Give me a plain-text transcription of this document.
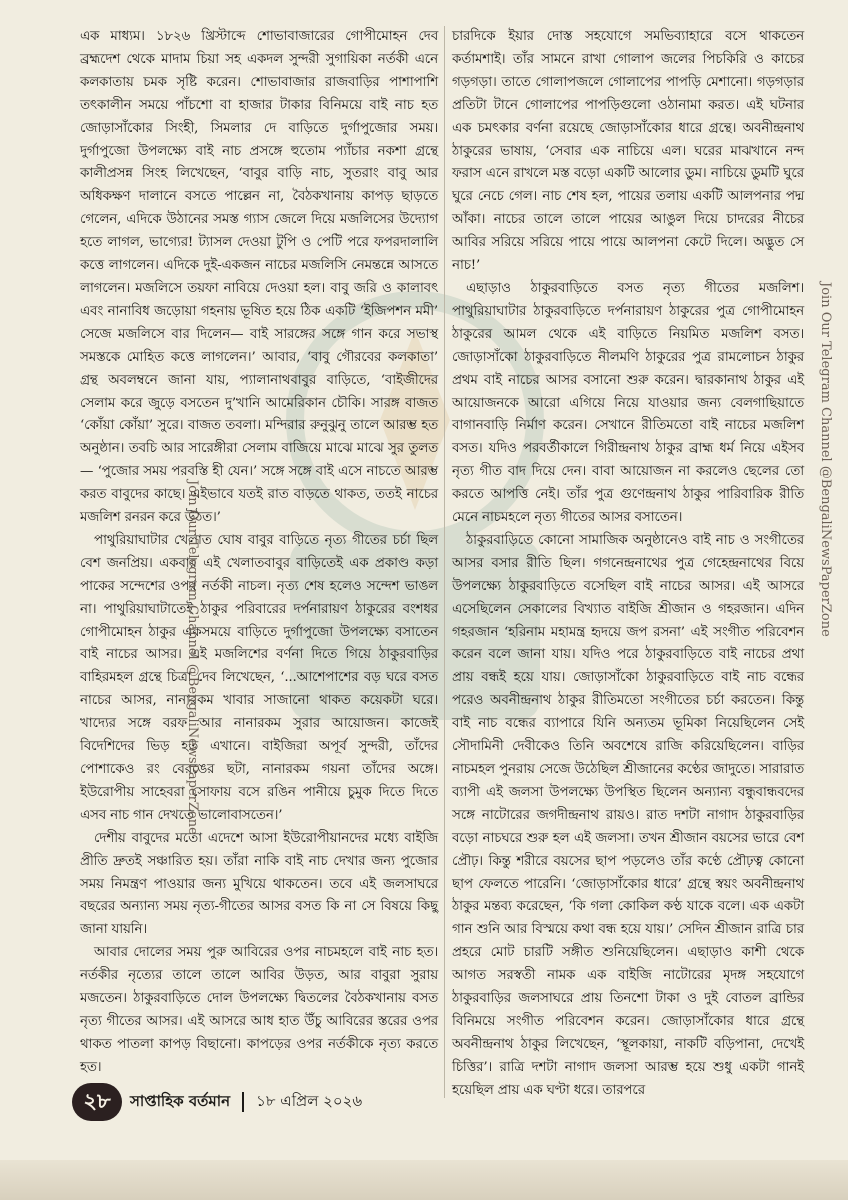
এক মাধ্যম। ১৮২৬ খ্রিস্টাব্দে শোভাবাজারের গোপীমোহন দেব ব্রহ্মদেশ থেকে মাদাম চিয়া সহ একদল সুন্দরী সুগায়িকা নর্তকী এনে কলকাতায় চমক সৃষ্টি করেন। শোভাবাজার রাজবাড়ির পাশাপাশি তৎকালীন সময়ে পাঁচশো বা হাজার টাকার বিনিময়ে বাই নাচ হত জোড়াসাঁকোর সিংহী, সিমলার দে বাড়িতে দুর্গাপুজোর সময়। দুর্গাপুজো উপলক্ষ্যে বাই নাচ প্রসঙ্গে হুতোম প্যাঁচার নকশা গ্রন্থে কালীপ্রসন্ন সিংহ লিখেছেন, ‘বাবুর বাড়ি নাচ, সুতরাং বাবু আর অধিকক্ষণ দালানে বসতে পাল্লেন না, বৈঠকখানায় কাপড় ছাড়তে গেলেন, এদিকে উঠানের সমস্ত গ্যাস জেলে দিয়ে মজলিসের উদ্যোগ হতে লাগল, ভাগ্যের! ট্যাসল দেওয়া টুপি ও পেটি পরে ফপরদালালি কত্তে লাগলেন। এদিকে দুই-একজন নাচের মজলিসি নেমন্তন্নে আসতে লাগলেন। মজলিসে তয়ফা নাবিয়ে দেওয়া হল। বাবু জরি ও কালাবৎ এবং নানাবিধ জড়োয়া গহনায় ভূষিত হয়ে ঠিক একটি ‘ইজিপশন মমী’ সেজে মজলিসে বার দিলেন— বাই সারঙ্গের সঙ্গে গান করে সভাস্থ সমস্তকে মোহিত কত্তে লাগলেন।’ আবার, ‘বাবু গৌরবের কলকাতা’ গ্রন্থ অবলম্বনে জানা যায়, প্যালানাথবাবুর বাড়িতে, ‘বাইজীদের সেলাম করে জুড়ে বসতেন দু’খানি আমেরিকান চৌকি। সারঙ্গ বাজত ‘কোঁয়া কোঁয়া’ সুরে। বাজত তবলা। মন্দিরার রুনুঝুনু তালে আরম্ভ হত অনুষ্ঠান। তবচি আর সারেঙ্গীরা সেলাম বাজিয়ে মাঝে মাঝে সুর তুলত— ‘পুজোর সময় পরবস্তি হী যেন।’ সঙ্গে সঙ্গে বাই এসে নাচতে আরম্ভ করত বাবুদের কাছে। এইভাবে যতই রাত বাড়তে থাকত, ততই নাচের মজলিশ রনরন করে উঠত।’

পাথুরিয়াঘাটার খেলাত ঘোষ বাবুর বাড়িতে নৃত্য গীতের চর্চা ছিল বেশ জনপ্রিয়। একবার এই খেলাতবাবুর বাড়িতেই এক প্রকাণ্ড কড়া পাকের সন্দেশের ওপর নর্তকী নাচল। নৃত্য শেষ হলেও সন্দেশ ভাঙল না। পাথুরিয়াঘাটাতেই ঠাকুর পরিবারের দর্পনারায়ণ ঠাকুরের বংশধর গোপীমোহন ঠাকুর একসময়ে বাড়িতে দুর্গাপুজো উপলক্ষ্যে বসাতেন বাই নাচের আসর। এই মজলিশের বর্ণনা দিতে গিয়ে ঠাকুরবাড়ির বাহিরমহল গ্রন্থে চিত্রা দেব লিখেছেন, ‘...আশেপাশের বড় ঘরে বসত নাচের আসর, নানারকম খাবার সাজানো থাকত কয়েকটা ঘরে। খাদ্যের সঙ্গে বরফ আর নানারকম সুরার আয়োজন। কাজেই বিদেশিদের ভিড় হত এখানে। বাইজিরা অপূর্ব সুন্দরী, তাঁদের পোশাকেও রং বেরঙের ছটা, নানারকম গয়না তাঁদের অঙ্গে। ইউরোপীয় সাহেবরা সোফায় বসে রঙিন পানীয়ে চুমুক দিতে দিতে এসব নাচ গান দেখতে ভালোবাসতেন।’

দেশীয় বাবুদের মতো এদেশে আসা ইউরোপীয়ানদের মধ্যে বাইজি প্রীতি দ্রুতই সঞ্চারিত হয়। তাঁরা নাকি বাই নাচ দেখার জন্য পুজোর সময় নিমন্ত্রণ পাওয়ার জন্য মুখিয়ে থাকতেন। তবে এই জলসাঘরে বছরের অন্যান্য সময় নৃত্য-গীতের আসর বসত কি না সে বিষয়ে কিছু জানা যায়নি।

আবার দোলের সময় পুরু আবিরের ওপর নাচমহলে বাই নাচ হত। নর্তকীর নৃত্যের তালে তালে আবির উড়ত, আর বাবুরা সুরায় মজতেন। ঠাকুরবাড়িতে দোল উপলক্ষ্যে দ্বিতলের বৈঠকখানায় বসত নৃত্য গীতের আসর। এই আসরে আধ হাত উঁচু আবিরের স্তরের ওপর থাকত পাতলা কাপড় বিছানো। কাপড়ের ওপর নর্তকীকে নৃত্য করতে হত।

চারদিকে ইয়ার দোস্ত সহযোগে সমভিব্যাহারে বসে থাকতেন কর্তামশাই। তাঁর সামনে রাখা গোলাপ জলের পিচকিরি ও কাচের গড়গড়া। তাতে গোলাপজলে গোলাপের পাপড়ি মেশানো। গড়গড়ার প্রতিটা টানে গোলাপের পাপড়িগুলো ওঠানামা করত। এই ঘটনার এক চমৎকার বর্ণনা রয়েছে জোড়াসাঁকোর ধারে গ্রন্থে। অবনীন্দ্রনাথ ঠাকুরের ভাষায়, ‘সেবার এক নাচিয়ে এল। ঘরের মাঝখানে নন্দ ফরাস এনে রাখলে মস্ত বড়ো একটি আলোর ডুম। নাচিয়ে ডুমটি ঘুরে ঘুরে নেচে গেল। নাচ শেষ হল, পায়ের তলায় একটি আলপনার পদ্ম আঁকা। নাচের তালে তালে পায়ের আঙুল দিয়ে চাদরের নীচের আবির সরিয়ে সরিয়ে পায়ে পায়ে আলপনা কেটে দিলে। অদ্ভুত সে নাচ!’

এছাড়াও ঠাকুরবাড়িতে বসত নৃত্য গীতের মজলিশ। পাথুরিয়াঘাটার ঠাকুরবাড়িতে দর্পনারায়ণ ঠাকুরের পুত্র গোপীমোহন ঠাকুরের আমল থেকে এই বাড়িতে নিয়মিত মজলিশ বসত। জোড়াসাঁকো ঠাকুরবাড়িতে নীলমণি ঠাকুরের পুত্র রামলোচন ঠাকুর প্রথম বাই নাচের আসর বসানো শুরু করেন। দ্বারকানাথ ঠাকুর এই আয়োজনকে আরো এগিয়ে নিয়ে যাওয়ার জন্য বেলগাছিয়াতে বাগানবাড়ি নির্মাণ করেন। সেখানে রীতিমতো বাই নাচের মজলিশ বসত। যদিও পরবর্তীকালে গিরীন্দ্রনাথ ঠাকুর ব্রাহ্ম ধর্ম নিয়ে এইসব নৃত্য গীত বাদ দিয়ে দেন। বাবা আয়োজন না করলেও ছেলের তো করতে আপত্তি নেই। তাঁর পুত্র গুণেন্দ্রনাথ ঠাকুর পারিবারিক রীতি মেনে নাচমহলে নৃত্য গীতের আসর বসাতেন।

ঠাকুরবাড়িতে কোনো সামাজিক অনুষ্ঠানেও বাই নাচ ও সংগীতের আসর বসার রীতি ছিল। গগনেন্দ্রনাথের পুত্র গেহেন্দ্রনাথের বিয়ে উপলক্ষ্যে ঠাকুরবাড়িতে বসেছিল বাই নাচের আসর। এই আসরে এসেছিলেন সেকালের বিখ্যাত বাইজি শ্রীজান ও গহরজান। এদিন গহরজান ‘হরিনাম মহামন্ত্র হৃদয়ে জপ রসনা’ এই সংগীত পরিবেশন করেন বলে জানা যায়। যদিও পরে ঠাকুরবাড়িতে বাই নাচের প্রথা প্রায় বন্ধই হয়ে যায়। জোড়াসাঁকো ঠাকুরবাড়িতে বাই নাচ বন্ধের পরেও অবনীন্দ্রনাথ ঠাকুর রীতিমতো সংগীতের চর্চা করতেন। কিন্তু বাই নাচ বন্ধের ব্যাপারে যিনি অন্যতম ভূমিকা নিয়েছিলেন সেই সৌদামিনী দেবীকেও তিনি অবশেষে রাজি করিয়েছিলেন। বাড়ির নাচমহল পুনরায় সেজে উঠেছিল শ্রীজানের কণ্ঠের জাদুতে। সারারাত ব্যাপী এই জলসা উপলক্ষ্যে উপস্থিত ছিলেন অন্যান্য বন্ধুবান্ধবদের সঙ্গে নাটোরের জগদীন্দ্রনাথ রায়ও। রাত দশটা নাগাদ ঠাকুরবাড়ির বড়ো নাচঘরে শুরু হল এই জলসা। তখন শ্রীজান বয়সের ভারে বেশ প্রৌঢ়। কিন্তু শরীরে বয়সের ছাপ পড়লেও তাঁর কণ্ঠে প্রৌঢ়ত্ব কোনো ছাপ ফেলতে পারেনি। ‘জোড়াসাঁকোর ধারে’ গ্রন্থে স্বয়ং অবনীন্দ্রনাথ ঠাকুর মন্তব্য করেছেন, ‘কি গলা কোকিল কণ্ঠ যাকে বলে। এক একটা গান শুনি আর বিস্ময়ে কথা বন্ধ হয়ে যায়।’ সেদিন শ্রীজান রাত্রি চার প্রহরে মোট চারটি সঙ্গীত শুনিয়েছিলেন। এছাড়াও কাশী থেকে আগত সরস্বতী নামক এক বাইজি নাটোরের মৃদঙ্গ সহযোগে ঠাকুরবাড়ির জলসাঘরে প্রায় তিনশো টাকা ও দুই বোতল ব্রান্ডির বিনিময়ে সংগীত পরিবেশন করেন। জোড়াসাঁকোর ধারে গ্রন্থে অবনীন্দ্রনাথ ঠাকুর লিখেছেন, ‘স্থূলকায়া, নাকটি বড়িপানা, দেখেই চিত্তির’। রাত্রি দশটা নাগাদ জলসা আরম্ভ হয়ে শুধু একটা গানই হয়েছিল প্রায় এক ঘণ্টা ধরে। তারপরে

Join Our Telegram Channel @BengaliNewsPaperZone
Join Our Telegram Channel @BengaliNewsPaperZone
২৮	সাপ্তাহিক বর্তমান ১৮ এপ্রিল ২০২৬
